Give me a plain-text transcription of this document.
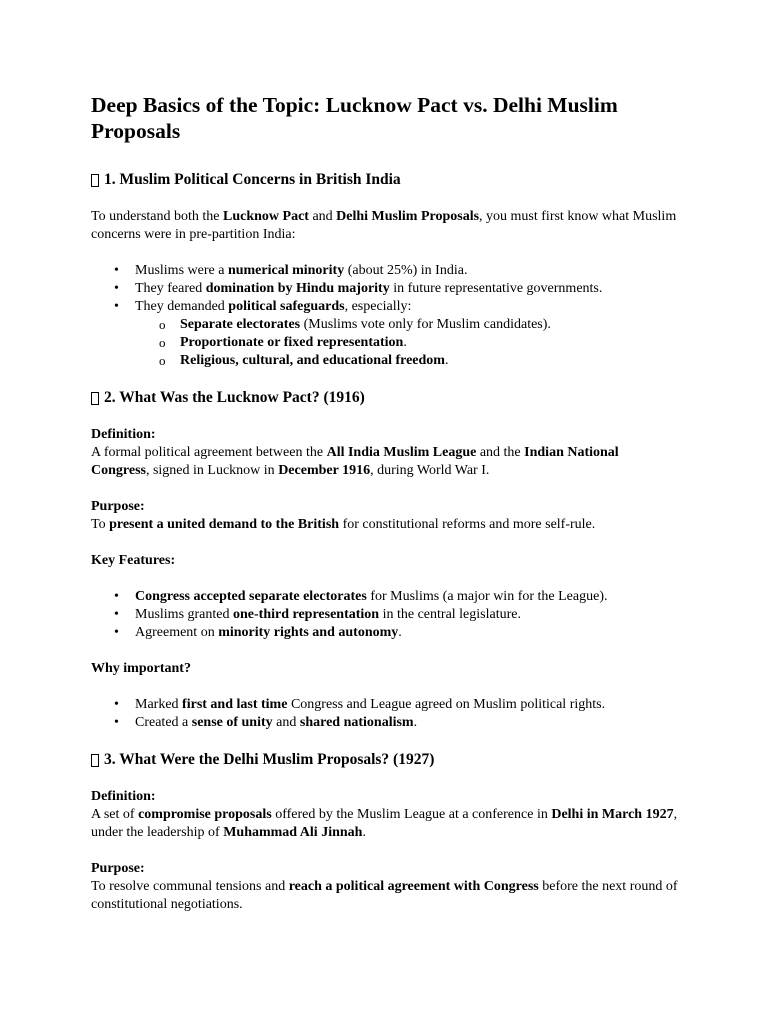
Deep Basics of the Topic: Lucknow Pact vs. Delhi Muslim Proposals
1. Muslim Political Concerns in British India

To understand both the Lucknow Pact and Delhi Muslim Proposals, you must first know what Muslim concerns were in pre-partition India:

• Muslims were a numerical minority (about 25%) in India.
• They feared domination by Hindu majority in future representative governments.
• They demanded political safeguards, especially:
o Separate electorates (Muslims vote only for Muslim candidates).
o Proportionate or fixed representation.
o Religious, cultural, and educational freedom.
2. What Was the Lucknow Pact? (1916)

Definition:
A formal political agreement between the All India Muslim League and the Indian National Congress, signed in Lucknow in December 1916, during World War I.

Purpose:
To present a united demand to the British for constitutional reforms and more self-rule.

Key Features:

• Congress accepted separate electorates for Muslims (a major win for the League).
• Muslims granted one-third representation in the central legislature.
• Agreement on minority rights and autonomy.

Why important?

• Marked first and last time Congress and League agreed on Muslim political rights.
• Created a sense of unity and shared nationalism.
3. What Were the Delhi Muslim Proposals? (1927)

Definition:
A set of compromise proposals offered by the Muslim League at a conference in Delhi in March 1927, under the leadership of Muhammad Ali Jinnah.

Purpose:
To resolve communal tensions and reach a political agreement with Congress before the next round of constitutional negotiations.
